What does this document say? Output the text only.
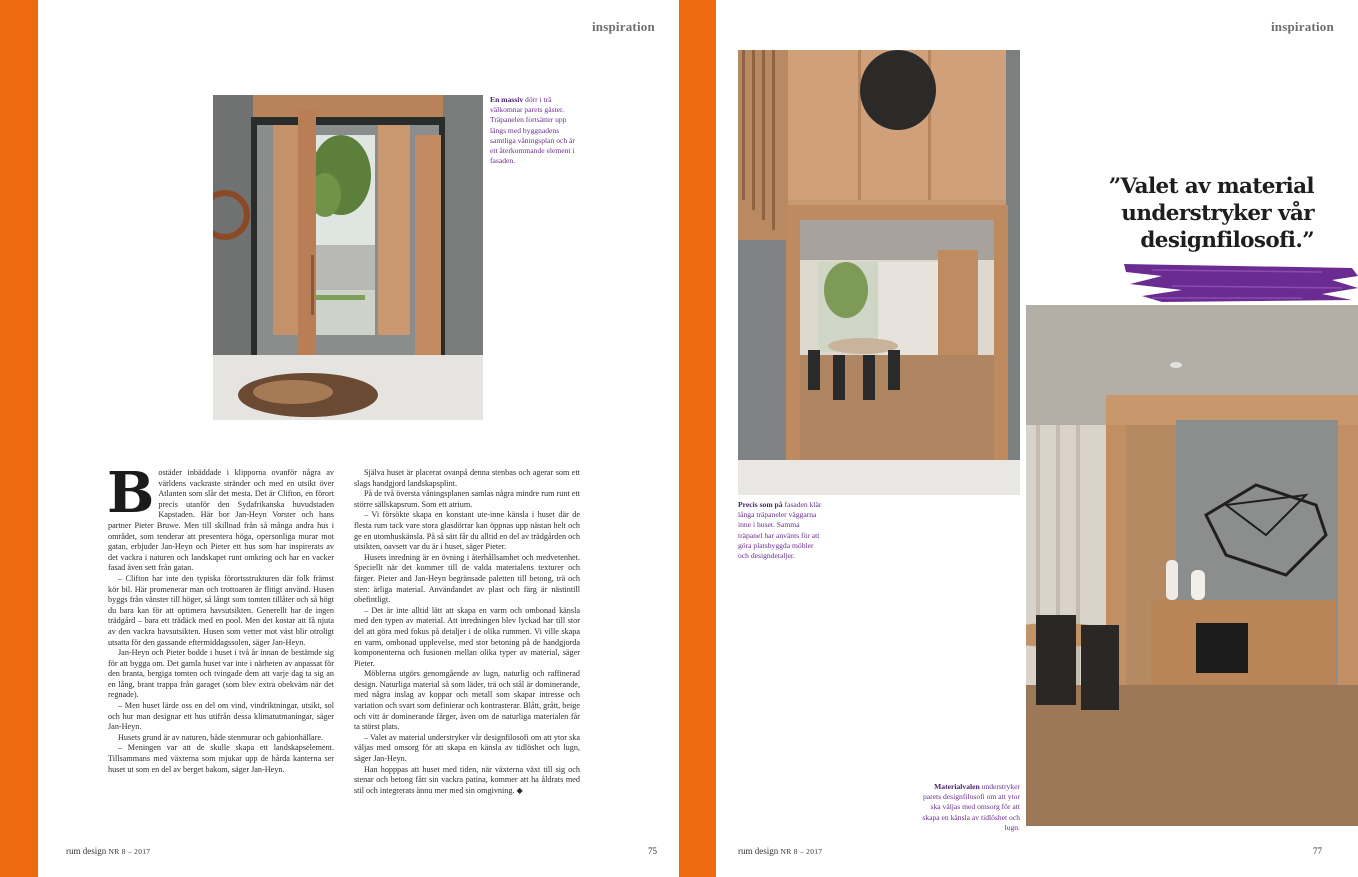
inspiration
En massiv dörr i trä välkomnar parets gäster. Träpanelen fortsätter upp längs med byggnadens samtliga våningsplan och är ett återkommande element i fasaden.
B ostäder inbäddade i klipporna ovanför några av världens vackraste stränder och med en utsikt över Atlanten som slår det mesta. Det är Clifton, en förort precis utanför den Sydafrikanska huvudstaden Kapstaden. Här bor Jan-Heyn Vorster och hans partner Pieter Bruwe. Men till skillnad från så många andra hus i området, som tenderar att presentera höga, opersonliga murar mot gatan, erbjuder Jan-Heyn och Pieter ett hus som har inspirerats av det vackra i naturen och landskapet runt omkring och har en vacker fasad även sett från gatan.

– Clifton har inte den typiska förortsstrukturen där folk främst kör bil. Här promenerar man och trottoaren är flitigt använd. Husen byggs från vänster till höger, så långt som tomten tillåter och så högt du bara kan för att optimera havsutsikten. Generellt har de ingen trädgård – bara ett trädäck med en pool. Men det kostar att få njuta av den vackra havsutsikten. Husen som vetter mot väst blir otroligt utsatta för den gassande eftermiddagssolen, säger Jan-Heyn.

Jan-Heyn och Pieter bodde i huset i två år innan de bestämde sig för att bygga om. Det gamla huset var inte i närheten av anpassat för den branta, bergiga tomten och tvingade dem att varje dag ta sig an en lång, brant trappa från garaget (som blev extra obekväm när det regnade).

– Men huset lärde oss en del om vind, vindriktningar, utsikt, sol och hur man designar ett hus utifrån dessa klimatutmaningar, säger Jan-Heyn.

Husets grund är av naturen, både stenmurar och gabionhällare.

– Meningen var att de skulle skapa ett landskapselement. Tillsammans med växterna som mjukar upp de hårda kanterna ser huset ut som en del av berget bakom, säger Jan-Heyn.

Själva huset är placerat ovanpå denna stenbas och agerar som ett slags handgjord landskapsplint.

På de två översta våningsplanen samlas några mindre rum runt ett större sällskapsrum. Som ett atrium.

– Vi försökte skapa en konstant ute-inne känsla i huset där de flesta rum tack vare stora glasdörrar kan öppnas upp nästan helt och ge en utomhuskänsla. På så sätt får du alltid en del av trädgården och utsikten, oavsett var du är i huset, säger Pieter.

Husets inredning är en övning i återhållsamhet och medvetenhet. Speciellt när det kommer till de valda materialens texturer och färger. Pieter and Jan-Heyn begränsade paletten till betong, trä och sten: ärliga material. Användandet av plast och färg är nästintill obefintligt.

– Det är inte alltid lätt att skapa en varm och ombonad känsla med den typen av material. Att inredningen blev lyckad har till stor del att göra med fokus på detaljer i de olika rummen. Vi ville skapa en varm, ombonad upplevelse, med stor betoning på de handgjorda komponenterna och fusionen mellan olika typer av material, säger Pieter.

Möblerna utgörs genomgående av lugn, naturlig och raffinerad design. Naturliga material så som läder, trä och stål är dominerande, med några inslag av koppar och metall som skapar intresse och variation och svart som definierar och kontrasterar. Blått, grått, beige och vitt är dominerande färger, även om de naturliga materialen får ta störst plats.

– Valet av material understryker vår designfilosofi om att ytor ska väljas med omsorg för att skapa en känsla av tidlöshet och lugn, säger Jan-Heyn.

Han hopppas att huset med tiden, när växterna växt till sig och stenar och betong fått sin vackra patina, kommer att ha åldrats med stil och integrerats ännu mer med sin omgivning. ◆

rum design NR 8 – 2017	75
inspiration
Precis som på fasaden klär långa träpaneler väggarna inne i huset. Samma träpanel har använts för att göra platsbyggda möbler och designdetaljer.
”Valet av material understryker vår designfilosofi.”
Materialvalen understryker parets designfilosofi om att ytor ska väljas med omsorg för att skapa en känsla av tidlöshet och lugn.
rum design NR 8 – 2017	77
